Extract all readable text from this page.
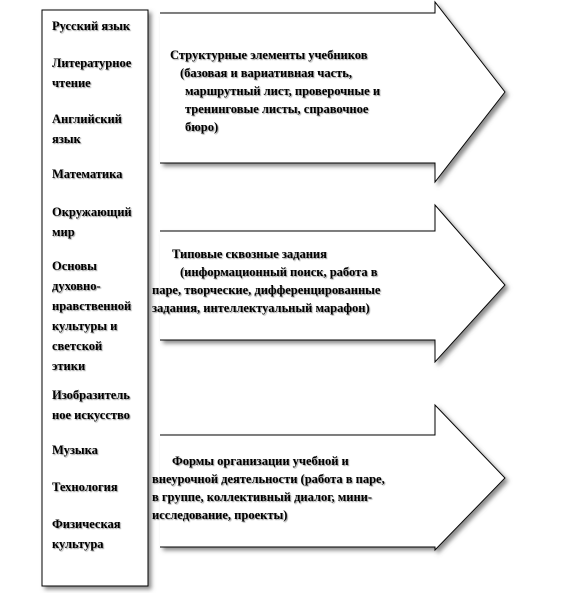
Русский язык
Литературное
чтение
Английский
язык
Математика
Окружающий
мир
Основы
духовно-
нравственной
культуры и
светской
этики
Изобразитель
ное искусство
Музыка
Технология
Физическая
культура
Структурные элементы учебников
(базовая и вариативная часть,
маршрутный лист, проверочные и
тренинговые листы, справочное
бюро)
Типовые сквозные задания
(информационный поиск, работа в
паре, творческие, дифференцированные
задания, интеллектуальный марафон)
Формы организации учебной и
внеурочной деятельности (работа в паре,
в группе, коллективный диалог, мини-
исследование, проекты)
